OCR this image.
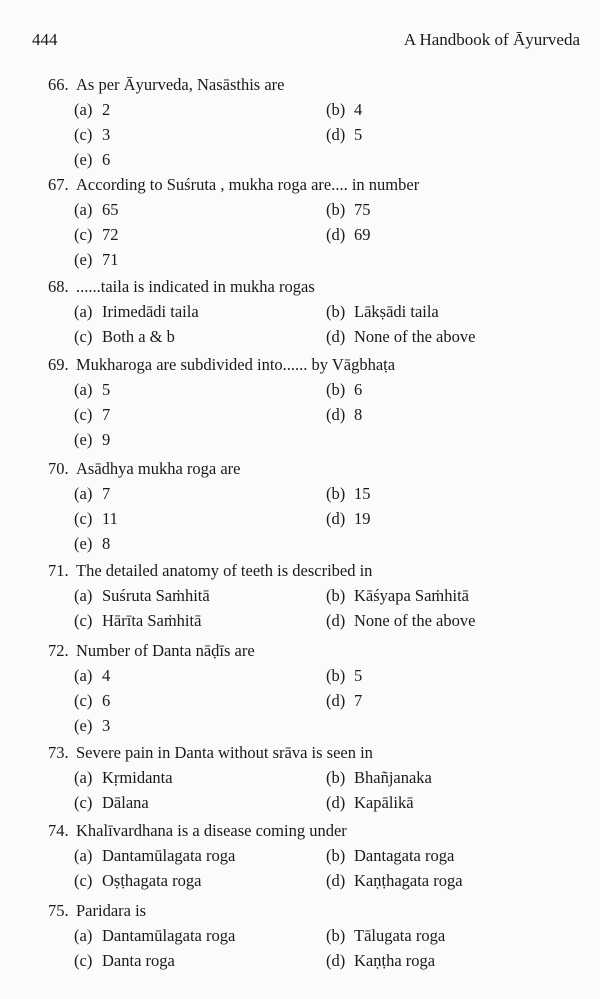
444	A Handbook of Āyurveda
66. As per Āyurveda, Nasāsthis are
(a) 2	(b) 4
(c) 3	(d) 5
(e) 6
67. According to Suśruta , mukha roga are.... in number
(a) 65	(b) 75
(c) 72	(d) 69
(e) 71
68. ......taila is indicated in mukha rogas
(a) Irimedādi taila	(b) Lākṣādi taila
(c) Both a & b	(d) None of the above
69. Mukharoga are subdivided into...... by Vāgbhaṭa
(a) 5	(b) 6
(c) 7	(d) 8
(e) 9
70. Asādhya mukha roga are
(a) 7	(b) 15
(c) 11	(d) 19
(e) 8
71. The detailed anatomy of teeth is described in
(a) Suśruta Saṁhitā	(b) Kāśyapa Saṁhitā
(c) Hārīta Saṁhitā	(d) None of the above
72. Number of Danta nāḍīs are
(a) 4	(b) 5
(c) 6	(d) 7
(e) 3
73. Severe pain in Danta without srāva is seen in
(a) Kṛmidanta	(b) Bhañjanaka
(c) Dālana	(d) Kapālikā
74. Khalīvardhana is a disease coming under
(a) Dantamūlagata roga	(b) Dantagata roga
(c) Oṣṭhagata roga	(d) Kaṇṭhagata roga
75. Paridara is
(a) Dantamūlagata roga	(b) Tālugata roga
(c) Danta roga	(d) Kaṇṭha roga
